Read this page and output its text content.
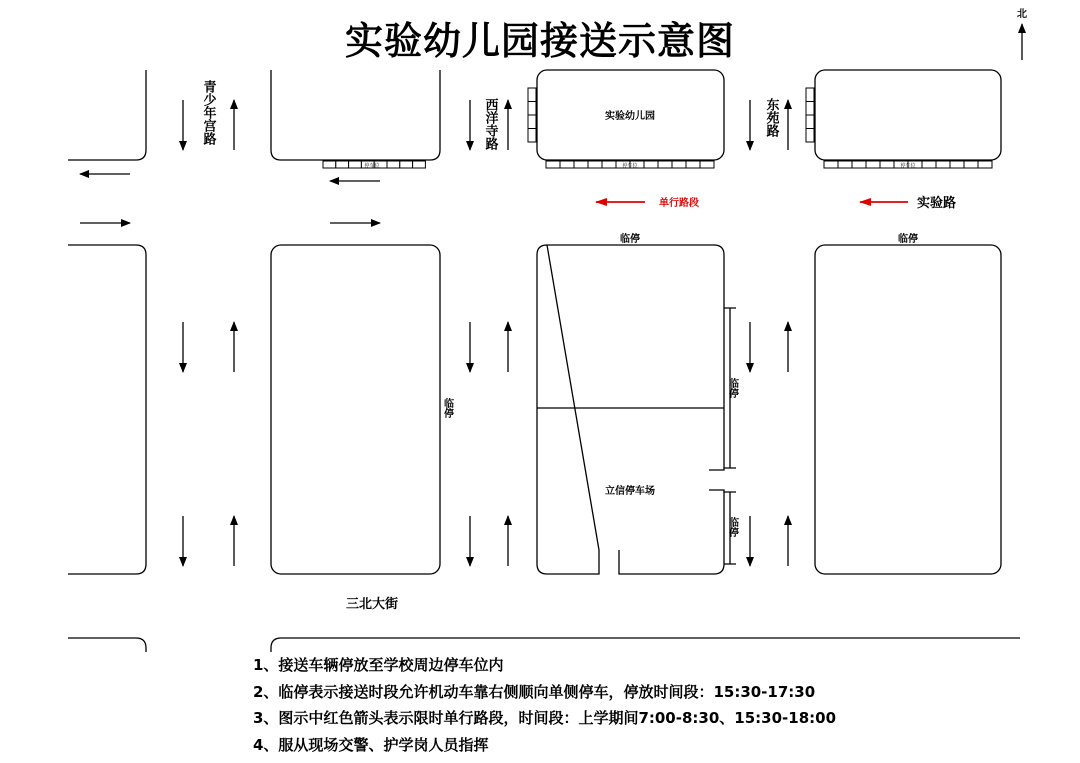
北
青少年宫路	西洋寺路	东苑路
实验幼儿园
立信停车场
单行路段	实验路
临停	临停
临停
临停
临停
三北大街
停车位	停车位	停车位
实验幼儿园接送示意图
1、接送车辆停放至学校周边停车位内
2、临停表示接送时段允许机动车靠右侧顺向单侧停车，停放时间段：15:30-17:30
3、图示中红色箭头表示限时单行路段，时间段：上学期间7:00-8:30、15:30-18:00
4、服从现场交警、护学岗人员指挥
